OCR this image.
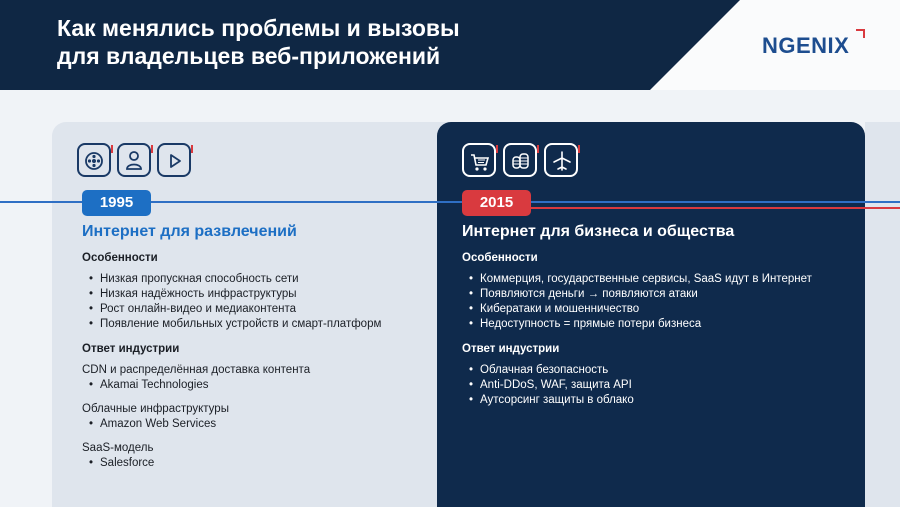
Как менялись проблемы и вызовы
для владельцев веб-приложений	NGENIX
1995	2015
Интернет для развлечений
Особенности
• Низкая пропускная способность сети
• Низкая надёжность инфраструктуры
• Рост онлайн-видео и медиаконтента
• Появление мобильных устройств и смарт-платформ
Ответ индустрии
CDN и распределённая доставка контента
• Akamai Technologies
Облачные инфраструктуры
• Amazon Web Services
SaaS-модель
• Salesforce
Интернет для бизнеса и общества
Особенности
• Коммерция, государственные сервисы, SaaS идут в Интернет
• Появляются деньги → появляются атаки
• Кибератаки и мошенничество
• Недоступность = прямые потери бизнеса
Ответ индустрии
• Облачная безопасность
• Anti-DDoS, WAF, защита API
• Аутсорсинг защиты в облако
